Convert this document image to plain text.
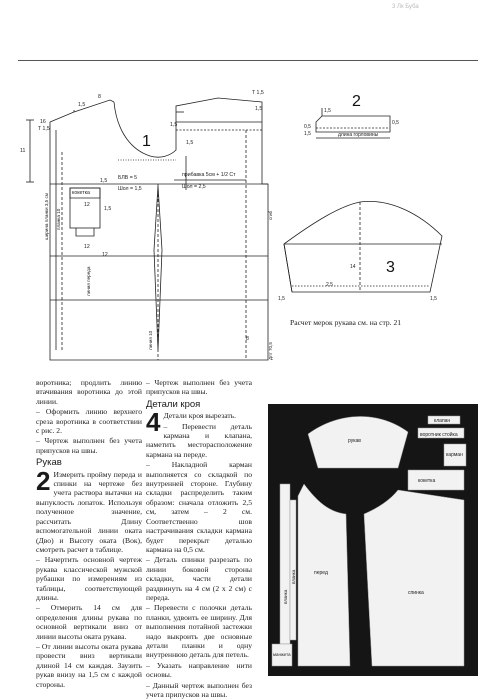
3 Лк Буба
16
T 1,5
1,5
8
1,5
11
T 1,5
БЛВ = 5
кокетка
Шол = 1,5
1,5
12
12
1,5
прибавка 5см + 1/2 Ст
Шол = 2,5
12
8
1,5
1,5
ширина планки 3,5 см планка 10
линия переда
линия 10
сгиб
Дпт 70,5
1
2
1,5
0,5
1,5
0,5
длина горловины
3
14
2,5
1,5	1,5
Расчет мерок рукава см. на стр. 21

воротника; продлить линию втачивания воротника до этой линии.

– Оформить линию верхнего среза воротника в соответствии с рис. 2.

– Чертеж выполнен без учета припусков на швы.

Рукав

2 Измерить пройму переда и спинки на чертеже без учета раствора вытачки на выпуклость лопаток. Используя полученное значение, рассчитать Длину вспомогательной линии оката (Двo) и Высоту оката (Вок), смотреть расчет в таблице.

– Начертить основной чертеж рукава классической мужской рубашки по измерениям из таблицы, соответствующей длины.

– Отмерить 14 см для определения длины рукава по основной вертикали вниз от линии высоты оката рукава.

– От линии высоты оката рукава провести вниз вертикали длиной 14 см каждая. Заузить рукав внизу на 1,5 см с каждой стороны.

– Чертеж выполнен без учета припусков на швы.

Детали кроя

4 Детали кроя вырезать.

– Перевести деталь кармана и клапана, наметить месторасположение кармана на переде.

– Накладной карман выполняется со складкой по внутренней стороне. Глубину складки распределить таким образом: сначала отложить 2,5 см, затем – 2 см. Соответственно шов настрачивания складки кармана будет перекрыт деталью кармана на 0,5 см.

– Деталь спинки разрезать по линии боковой стороны складки, части детали раздвинуть на 4 см (2 х 2 см) с переда.

– Перевести с полочки деталь планки, удвоить ее ширину. Для выполнения потайной застежки надо выкроить две основные детали планки и одну внутреннюю деталь для петель.

– Указать направление нити основы.

– Данный чертеж выполнен без учета припусков на швы.

рукав
воротник стойка
клапан
карман
кокетка
перед
спинка
планка
манжета
планка
